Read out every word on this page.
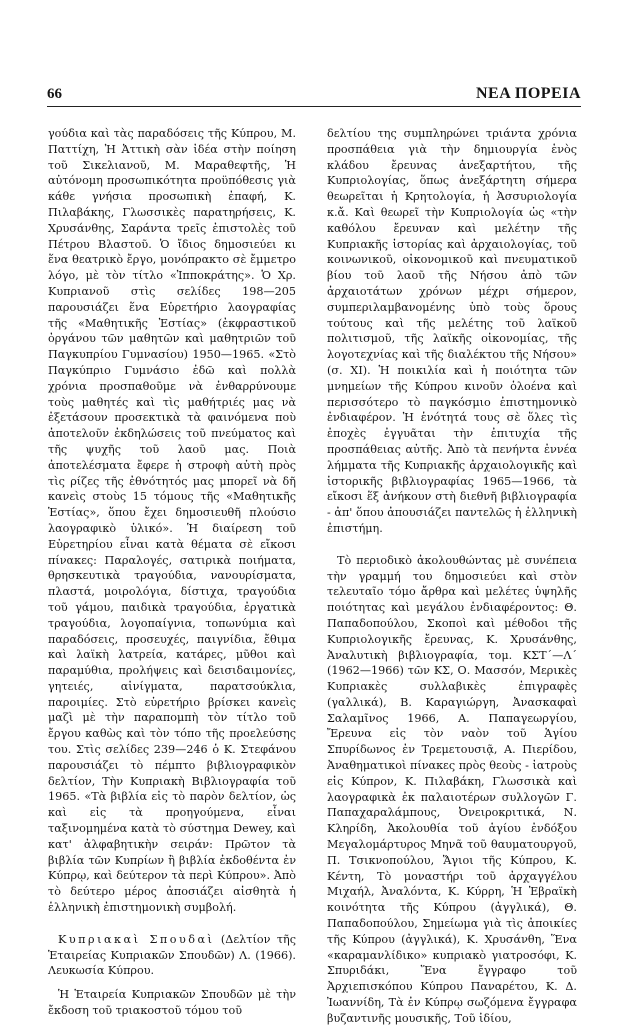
66	ΝΕΑ ΠΟΡΕΙΑ

γούδια καὶ τὰς παραδόσεις τῆς Κύπρου, Μ. Παττίχη, Ἡ Ἀττικὴ σὰν ἰδέα στὴν ποίηση τοῦ Σικελιανοῦ, Μ. Μαραθεφτῆς, Ἡ αὐτόνομη προσωπικότητα προϋπόθεσις γιὰ κάθε γνήσια προσωπικὴ ἐπαφή, Κ. Πιλαβάκης, Γλωσσικὲς παρατηρήσεις, Κ. Χρυσάνθης, Σαράντα τρεῖς ἐπιστολὲς τοῦ Πέτρου Βλαστοῦ. Ὁ ἴδιος δημοσιεύει κι ἕνα θεατρικὸ ἔργο, μονόπρακτο σὲ ἔμμετρο λόγο, μὲ τὸν τίτλο «Ἱπποκράτης». Ὁ Χρ. Κυπριανοῦ στὶς σελίδες 198—205 παρουσιάζει ἕνα Εὑρετήριο λαογραφίας τῆς «Μαθητικῆς Ἑστίας» (ἐκφραστικοῦ ὀργάνου τῶν μαθητῶν καὶ μαθητριῶν τοῦ Παγκυπρίου Γυμνασίου) 1950—1965. «Στὸ Παγκύπριο Γυμνάσιο ἐδῶ καὶ πολλὰ χρόνια προσπαθοῦμε νὰ ἐνθαρρύνουμε τοὺς μαθητές καὶ τὶς μαθήτριές μας νὰ ἐξετάσουν προσεκτικὰ τὰ φαινόμενα ποὺ ἀποτελοῦν ἐκδηλώσεις τοῦ πνεύματος καὶ τῆς ψυχῆς τοῦ λαοῦ μας. Ποιὰ ἀποτελέσματα ἔφερε ἡ στροφὴ αὐτὴ πρὸς τὶς ρίζες τῆς ἐθνότητός μας μπορεῖ νὰ δῆ κανεὶς στοὺς 15 τόμους τῆς «Μαθητικῆς Ἑστίας», ὅπου ἔχει δημοσιευθῆ πλούσιο λαογραφικὸ ὑλικό». Ἡ διαίρεση τοῦ Εὑρετηρίου εἶναι κατὰ θέματα σὲ εἴκοσι πίνακες: Παραλογές, σατιρικὰ ποιήματα, θρησκευτικὰ τραγούδια, νανουρίσματα, πλαστά, μοιρολόγια, δίστιχα, τραγούδια τοῦ γάμου, παιδικὰ τραγούδια, ἐργατικὰ τραγούδια, λογοπαίγνια, τοπωνύμια καὶ παραδόσεις, προσευχές, παιγνίδια, ἔθιμα καὶ λαϊκὴ λατρεία, κατάρες, μῦθοι καὶ παραμύθια, προλήψεις καὶ δεισιδαιμονίες, γητειές, αἰνίγματα, παρατσούκλια, παροιμίες. Στὸ εὑρετήριο βρίσκει κανεὶς μαζὶ μὲ τὴν παραπομπὴ τὸν τίτλο τοῦ ἔργου καθὼς καὶ τὸν τόπο τῆς προελεύσης του. Στὶς σελίδες 239—246 ὁ Κ. Στεφάνου παρουσιάζει τὸ πέμπτο βιβλιογραφικὸν δελτίον, Τὴν Κυπριακὴ Βιβλιογραφία τοῦ 1965. «Τὰ βιβλία εἰς τὸ παρὸν δελτίον, ὡς καὶ εἰς τὰ προηγούμενα, εἶναι ταξινομημένα κατὰ τὸ σύστημα Dewey, καὶ κατ' ἀλφαβητικὴν σειράν: Πρῶτον τὰ βιβλία τῶν Κυπρίων ἢ βιβλία ἐκδοθέντα ἐν Κύπρῳ, καὶ δεύτερον τὰ περὶ Κύπρου». Ἀπὸ τὸ δεύτερο μέρος ἀποσιάζει αἰσθητὰ ἡ ἑλληνικὴ ἐπιστημονικὴ συμβολή.

Κυπριακαὶ Σπουδαὶ (Δελτίον τῆς Ἑταιρείας Κυπριακῶν Σπουδῶν) Λ. (1966). Λευκωσία Κύπρου.

Ἡ Ἑταιρεία Κυπριακῶν Σπουδῶν μὲ τὴν ἔκδοση τοῦ τριακοστοῦ τόμου τοῦ

δελτίου της συμπληρώνει τριάντα χρόνια προσπάθεια γιὰ τὴν δημιουργία ἑνὸς κλάδου ἔρευνας ἀνεξαρτήτου, τῆς Κυπριολογίας, ὅπως ἀνεξάρτητη σήμερα θεωρεῖται ἡ Κρητολογία, ἡ Ἀσσυριολογία κ.ἄ. Καὶ θεωρεῖ τὴν Κυπριολογία ὡς «τὴν καθόλου ἔρευναν καὶ μελέτην τῆς Κυπριακῆς ἱστορίας καὶ ἀρχαιολογίας, τοῦ κοινωνικοῦ, οἰκονομικοῦ καὶ πνευματικοῦ βίου τοῦ λαοῦ τῆς Νήσου ἀπὸ τῶν ἀρχαιοτάτων χρόνων μέχρι σήμερον, συμπεριλαμβανομένης ὑπὸ τοὺς ὅρους τούτους καὶ τῆς μελέτης τοῦ λαϊκοῦ πολιτισμοῦ, τῆς λαϊκῆς οἰκονομίας, τῆς λογοτεχνίας καὶ τῆς διαλέκτου τῆς Νήσου» (σ. ΧΙ). Ἡ ποικιλία καὶ ἡ ποιότητα τῶν μνημείων τῆς Κύπρου κινοῦν ὁλοένα καὶ περισσότερο τὸ παγκόσμιο ἐπιστημονικὸ ἐνδιαφέρον. Ἡ ἑνότητά τους σὲ ὅλες τὶς ἐποχὲς ἐγγυᾶται τὴν ἐπιτυχία τῆς προσπάθειας αὐτῆς. Ἀπὸ τὰ πενήντα ἐννέα λήμματα τῆς Κυπριακῆς ἀρχαιολογικῆς καὶ ἱστορικῆς βιβλιογραφίας 1965—1966, τὰ εἴκοσι ἕξ ἀνήκουν στὴ διεθνῆ βιβλιογραφία - ἀπ' ὅπου ἀπουσιάζει παντελῶς ἡ ἑλληνικὴ ἐπιστήμη.

Τὸ περιοδικὸ ἀκολουθώντας μὲ συνέπεια τὴν γραμμή του δημοσιεύει καὶ στὸν τελευταῖο τόμο ἄρθρα καὶ μελέτες ὑψηλῆς ποιότητας καὶ μεγάλου ἐνδιαφέροντος: Θ. Παπαδοπούλου, Σκοποὶ καὶ μέθοδοι τῆς Κυπριολογικῆς ἔρευνας, Κ. Χρυσάνθης, Ἀναλυτικὴ βιβλιογραφία, τομ. ΚΣΤ΄—Λ΄ (1962—1966) τῶν ΚΣ, Ο. Μασσόν, Μερικὲς Κυπριακὲς συλλαβικὲς ἐπιγραφὲς (γαλλικά), Β. Καραγιώργη, Ἀνασκαφαὶ Σαλαμῖνος 1966, Α. Παπαγεωργίου, Ἔρευνα εἰς τὸν ναὸν τοῦ Ἁγίου Σπυρίδωνος ἐν Τρεμετουσιᾷ, Α. Πιερίδου, Ἀναθηματικοὶ πίνακες πρὸς θεοὺς - ἰατροὺς εἰς Κύπρον, Κ. Πιλαβάκη, Γλωσσικὰ καὶ λαογραφικὰ ἐκ παλαιοτέρων συλλογῶν Γ. Παπαχαραλάμπους, Ὀνειροκριτικά, Ν. Κληρίδη, Ἀκολουθία τοῦ ἁγίου ἐνδόξου Μεγαλομάρτυρος Μηνᾶ τοῦ θαυματουργοῦ, Π. Τσικνοπούλου, Ἅγιοι τῆς Κύπρου, Κ. Κέντη, Τὸ μοναστήρι τοῦ ἀρχαγγέλου Μιχαήλ, Ἀναλόντα, Κ. Κύρρη, Ἡ Ἑβραϊκὴ κοινότητα τῆς Κύπρου (ἀγγλικά), Θ. Παπαδοπούλου, Σημείωμα γιὰ τὶς ἀποικίες τῆς Κύπρου (ἀγγλικά), Κ. Χρυσάνθη, Ἕνα «καραμανλίδικο» κυπριακὸ γιατροσόφι, Κ. Σπυριδάκι, Ἕνα ἔγγραφο τοῦ Ἀρχιεπισκόπου Κύπρου Παναρέτου, Κ. Δ. Ἰωαννίδη, Τὰ ἐν Κύπρῳ σωζόμενα ἔγγραφα βυζαντινῆς μουσικῆς, Τοῦ ἰδίου,
